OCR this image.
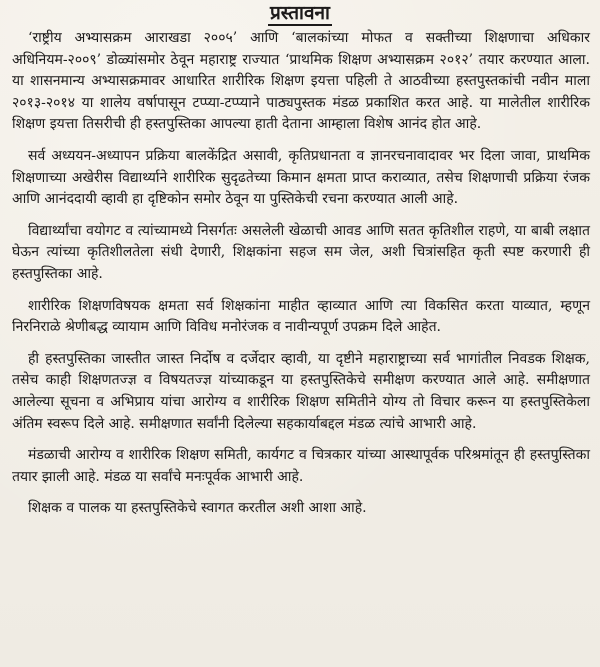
प्रस्तावना

‘राष्ट्रीय अभ्यासक्रम आराखडा २००५’ आणि ‘बालकांच्या मोफत व सक्तीच्या शिक्षणाचा अधिकार अधिनियम-२००९’ डोळ्यांसमोर ठेवून महाराष्ट्र राज्यात ‘प्राथमिक शिक्षण अभ्यासक्रम २०१२’ तयार करण्यात आला. या शासनमान्य अभ्यासक्रमावर आधारित शारीरिक शिक्षण इयत्ता पहिली ते आठवीच्या हस्तपुस्तकांची नवीन माला २०१३-२०१४ या शालेय वर्षापासून टप्प्या-टप्प्याने पाठ्यपुस्तक मंडळ प्रकाशित करत आहे. या मालेतील शारीरिक शिक्षण इयत्ता तिसरीची ही हस्तपुस्तिका आपल्या हाती देताना आम्हाला विशेष आनंद होत आहे.

सर्व अध्ययन-अध्यापन प्रक्रिया बालकेंद्रित असावी, कृतिप्रधानता व ज्ञानरचनावादावर भर दिला जावा, प्राथमिक शिक्षणाच्या अखेरीस विद्यार्थ्याने शारीरिक सुदृढतेच्या किमान क्षमता प्राप्त कराव्यात, तसेच शिक्षणाची प्रक्रिया रंजक आणि आनंददायी व्हावी हा दृष्टिकोन समोर ठेवून या पुस्तिकेची रचना करण्यात आली आहे.

विद्यार्थ्यांचा वयोगट व त्यांच्यामध्ये निसर्गतः असलेली खेळाची आवड आणि सतत कृतिशील राहणे, या बाबी लक्षात घेऊन त्यांच्या कृतिशीलतेला संधी देणारी, शिक्षकांना सहज सम जेल, अशी चित्रांसहित कृती स्पष्ट करणारी ही हस्तपुस्तिका आहे.

शारीरिक शिक्षणविषयक क्षमता सर्व शिक्षकांना माहीत व्हाव्यात आणि त्या विकसित करता याव्यात, म्हणून निरनिराळे श्रेणीबद्ध व्यायाम आणि विविध मनोरंजक व नावीन्यपूर्ण उपक्रम दिले आहेत.

ही हस्तपुस्तिका जास्तीत जास्त निर्दोष व दर्जेदार व्हावी, या दृष्टीने महाराष्ट्राच्या सर्व भागांतील निवडक शिक्षक, तसेच काही शिक्षणतज्ज्ञ व विषयतज्ज्ञ यांच्याकडून या हस्तपुस्तिकेचे समीक्षण करण्यात आले आहे. समीक्षणात आलेल्या सूचना व अभिप्राय यांचा आरोग्य व शारीरिक शिक्षण समितीने योग्य तो विचार करून या हस्तपुस्तिकेला अंतिम स्वरूप दिले आहे. समीक्षणात सर्वांनी दिलेल्या सहकार्याबद्दल मंडळ त्यांचे आभारी आहे.

मंडळाची आरोग्य व शारीरिक शिक्षण समिती, कार्यगट व चित्रकार यांच्या आस्थापूर्वक परिश्रमांतून ही हस्तपुस्तिका तयार झाली आहे. मंडळ या सर्वांचे मनःपूर्वक आभारी आहे.

शिक्षक व पालक या हस्तपुस्तिकेचे स्वागत करतील अशी आशा आहे.
